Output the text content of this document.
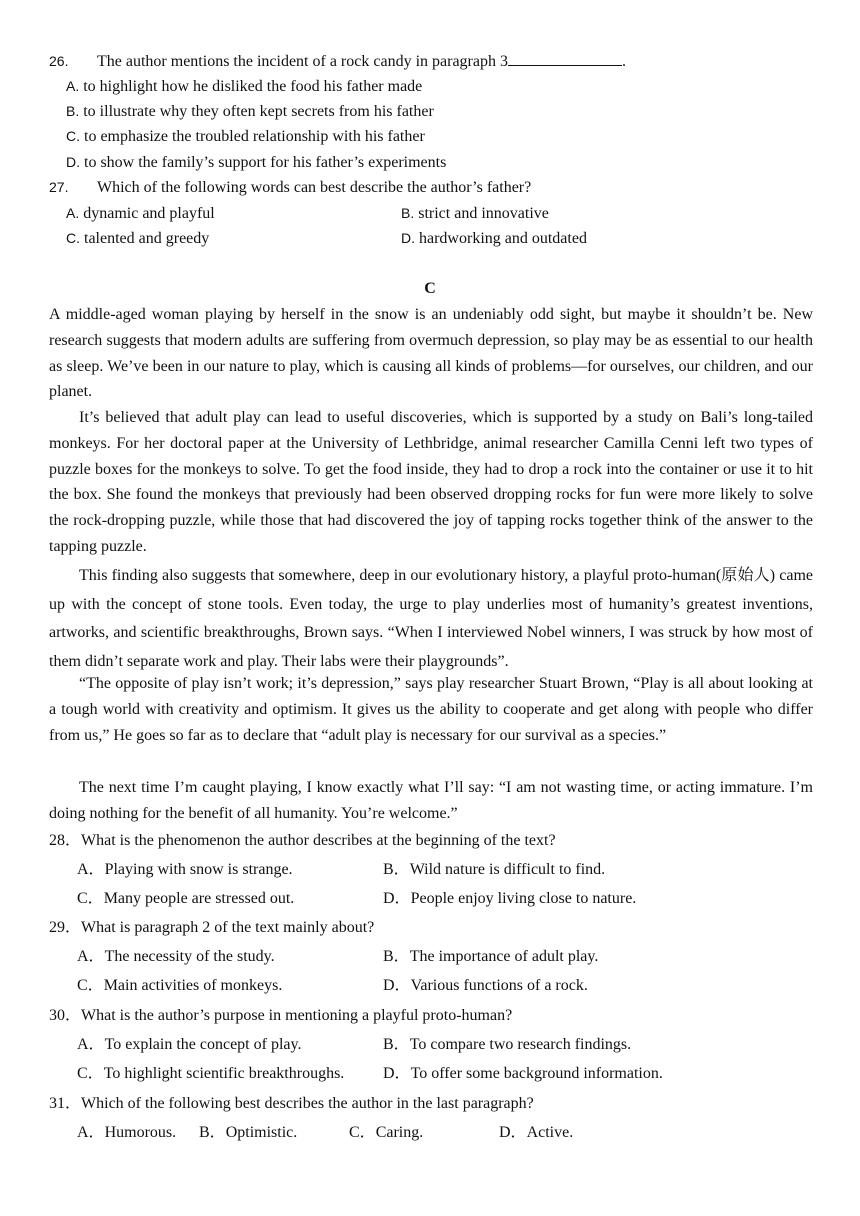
26. The author mentions the incident of a rock candy in paragraph 3	.
A. to highlight how he disliked the food his father made
B. to illustrate why they often kept secrets from his father
C. to emphasize the troubled relationship with his father
D. to show the family’s support for his father’s experiments
27. Which of the following words can best describe the author’s father?
A. dynamic and playful	B. strict and innovative
C. talented and greedy	D. hardworking and outdated
C
A middle-aged woman playing by herself in the snow is an undeniably odd sight, but maybe it shouldn’t be. New research suggests that modern adults are suffering from overmuch depression, so play may be as essential to our health as sleep. We’ve been in our nature to play, which is causing all kinds of problems—for ourselves, our children, and our planet.
It’s believed that adult play can lead to useful discoveries, which is supported by a study on Bali’s long-tailed monkeys. For her doctoral paper at the University of Lethbridge, animal researcher Camilla Cenni left two types of puzzle boxes for the monkeys to solve. To get the food inside, they had to drop a rock into the container or use it to hit the box. She found the monkeys that previously had been observed dropping rocks for fun were more likely to solve the rock-dropping puzzle, while those that had discovered the joy of tapping rocks together think of the answer to the tapping puzzle.
This finding also suggests that somewhere, deep in our evolutionary history, a playful proto-human(原始人) came up with the concept of stone tools. Even today, the urge to play underlies most of humanity’s greatest inventions, artworks, and scientific breakthroughs, Brown says. “When I interviewed Nobel winners, I was struck by how most of them didn’t separate work and play. Their labs were their playgrounds”.
“The opposite of play isn’t work; it’s depression,” says play researcher Stuart Brown, “Play is all about looking at a tough world with creativity and optimism. It gives us the ability to cooperate and get along with people who differ from us,” He goes so far as to declare that “adult play is necessary for our survival as a species.”
The next time I’m caught playing, I know exactly what I’ll say: “I am not wasting time, or acting immature. I’m doing nothing for the benefit of all humanity. You’re welcome.”
28．What is the phenomenon the author describes at the beginning of the text?
A．Playing with snow is strange.	B．Wild nature is difficult to find.
C．Many people are stressed out.	D．People enjoy living close to nature.
29．What is paragraph 2 of the text mainly about?
A．The necessity of the study.	B．The importance of adult play.
C．Main activities of monkeys.	D．Various functions of a rock.
30．What is the author’s purpose in mentioning a playful proto-human?
A．To explain the concept of play.	B．To compare two research findings.
C．To highlight scientific breakthroughs. D．To offer some background information.
31．Which of the following best describes the author in the last paragraph?
A．Humorous. B．Optimistic.	C．Caring.	D．Active.
